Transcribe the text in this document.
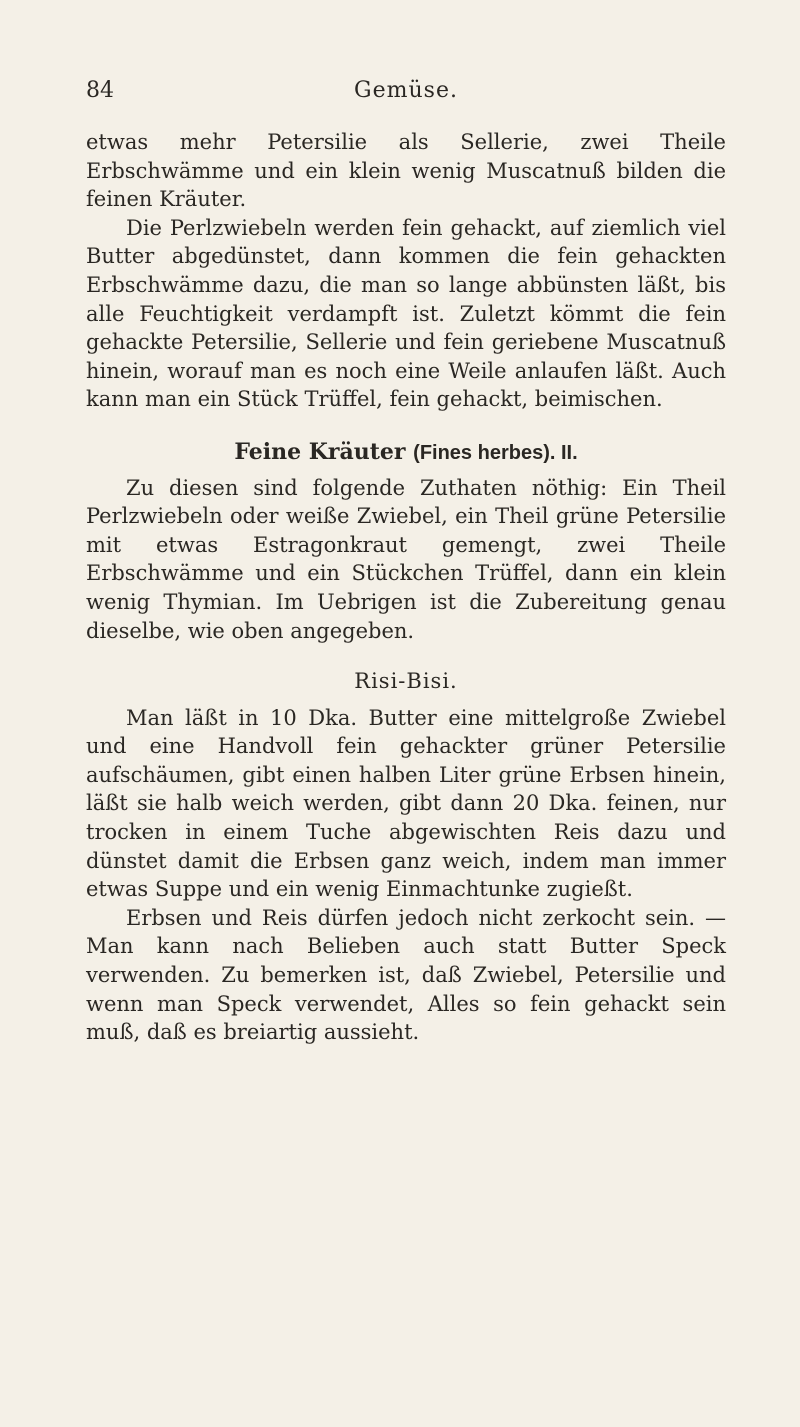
84	Gemüse.

etwas mehr Petersilie als Sellerie, zwei Theile Erbschwämme und ein klein wenig Muscatnuß bilden die feinen Kräuter.

Die Perlzwiebeln werden fein gehackt, auf ziemlich viel Butter abgedünstet, dann kommen die fein gehackten Erbschwämme dazu, die man so lange abbünsten läßt, bis alle Feuchtigkeit verdampft ist. Zuletzt kömmt die fein gehackte Petersilie, Sellerie und fein geriebene Muscatnuß hinein, worauf man es noch eine Weile anlaufen läßt. Auch kann man ein Stück Trüffel, fein gehackt, beimischen.

Feine Kräuter (Fines herbes). II.

Zu diesen sind folgende Zuthaten nöthig: Ein Theil Perlzwiebeln oder weiße Zwiebel, ein Theil grüne Petersilie mit etwas Estragonkraut gemengt, zwei Theile Erbschwämme und ein Stückchen Trüffel, dann ein klein wenig Thymian. Im Uebrigen ist die Zubereitung genau dieselbe, wie oben angegeben.

Risi-Bisi.

Man läßt in 10 Dka. Butter eine mittelgroße Zwiebel und eine Handvoll fein gehackter grüner Petersilie aufschäumen, gibt einen halben Liter grüne Erbsen hinein, läßt sie halb weich werden, gibt dann 20 Dka. feinen, nur trocken in einem Tuche abgewischten Reis dazu und dünstet damit die Erbsen ganz weich, indem man immer etwas Suppe und ein wenig Einmachtunke zugießt.

Erbsen und Reis dürfen jedoch nicht zerkocht sein. — Man kann nach Belieben auch statt Butter Speck verwenden. Zu bemerken ist, daß Zwiebel, Petersilie und wenn man Speck verwendet, Alles so fein gehackt sein muß, daß es breiartig aussieht.
